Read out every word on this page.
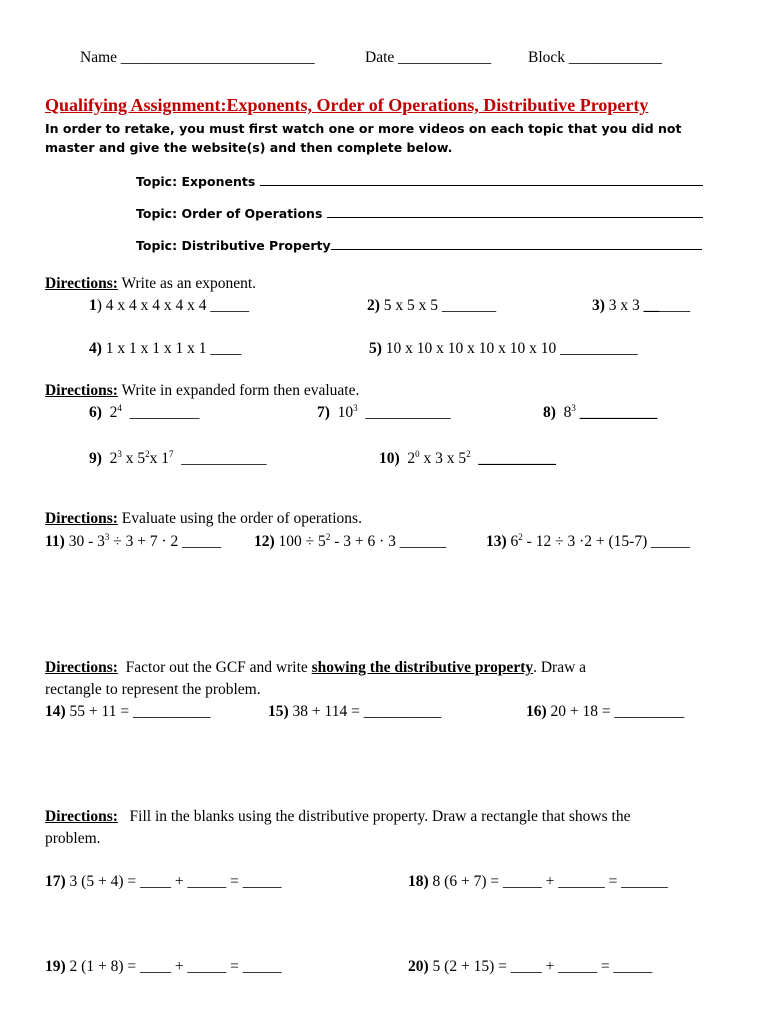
Name _________________________	Date ____________ Block ____________
Qualifying Assignment:Exponents, Order of Operations, Distributive Property
In order to retake, you must first watch one or more videos on each topic that you did not
master and give the website(s) and then complete below.
Topic: Exponents
Topic: Order of Operations
Topic: Distributive Property
Directions: Write as an exponent.
1) 4 x 4 x 4 x 4 x 4 _____	2) 5 x 5 x 5 _______	3) 3 x 3 ______
4) 1 x 1 x 1 x 1 x 1 ____	5) 10 x 10 x 10 x 10 x 10 x 10 __________
Directions: Write in expanded form then evaluate.
6) $2^4$ _________	7) $10^3$ ___________	8) $8^3$ __________
9) $2^3$ x $5^2x$ $1^7$ ___________	10) $2^0$ x 3 x $5^2$ __________
Directions: Evaluate using the order of operations.
11) $30 - 3^3 \div 3 + 7 \cdot 2$ _____ 12) $100 \div 5^2 - 3 + 6 \cdot 3$ ______	13) $6^2 - 12 \div 3 \cdot 2 + (15-7)$ _____
Directions: Factor out the GCF and write showing the distributive property. Draw a
rectangle to represent the problem.
14) 55 + 11 = __________	15) 38 + 114 = __________	16) 20 + 18 = _________
Directions: Fill in the blanks using the distributive property. Draw a rectangle that shows the
problem.
17) 3 (5 + 4) = ____ + _____ = _____	18) 8 (6 + 7) = _____ + ______ = ______
19) 2 (1 + 8) = ____ + _____ = _____	20) 5 (2 + 15) = ____ + _____ = _____
